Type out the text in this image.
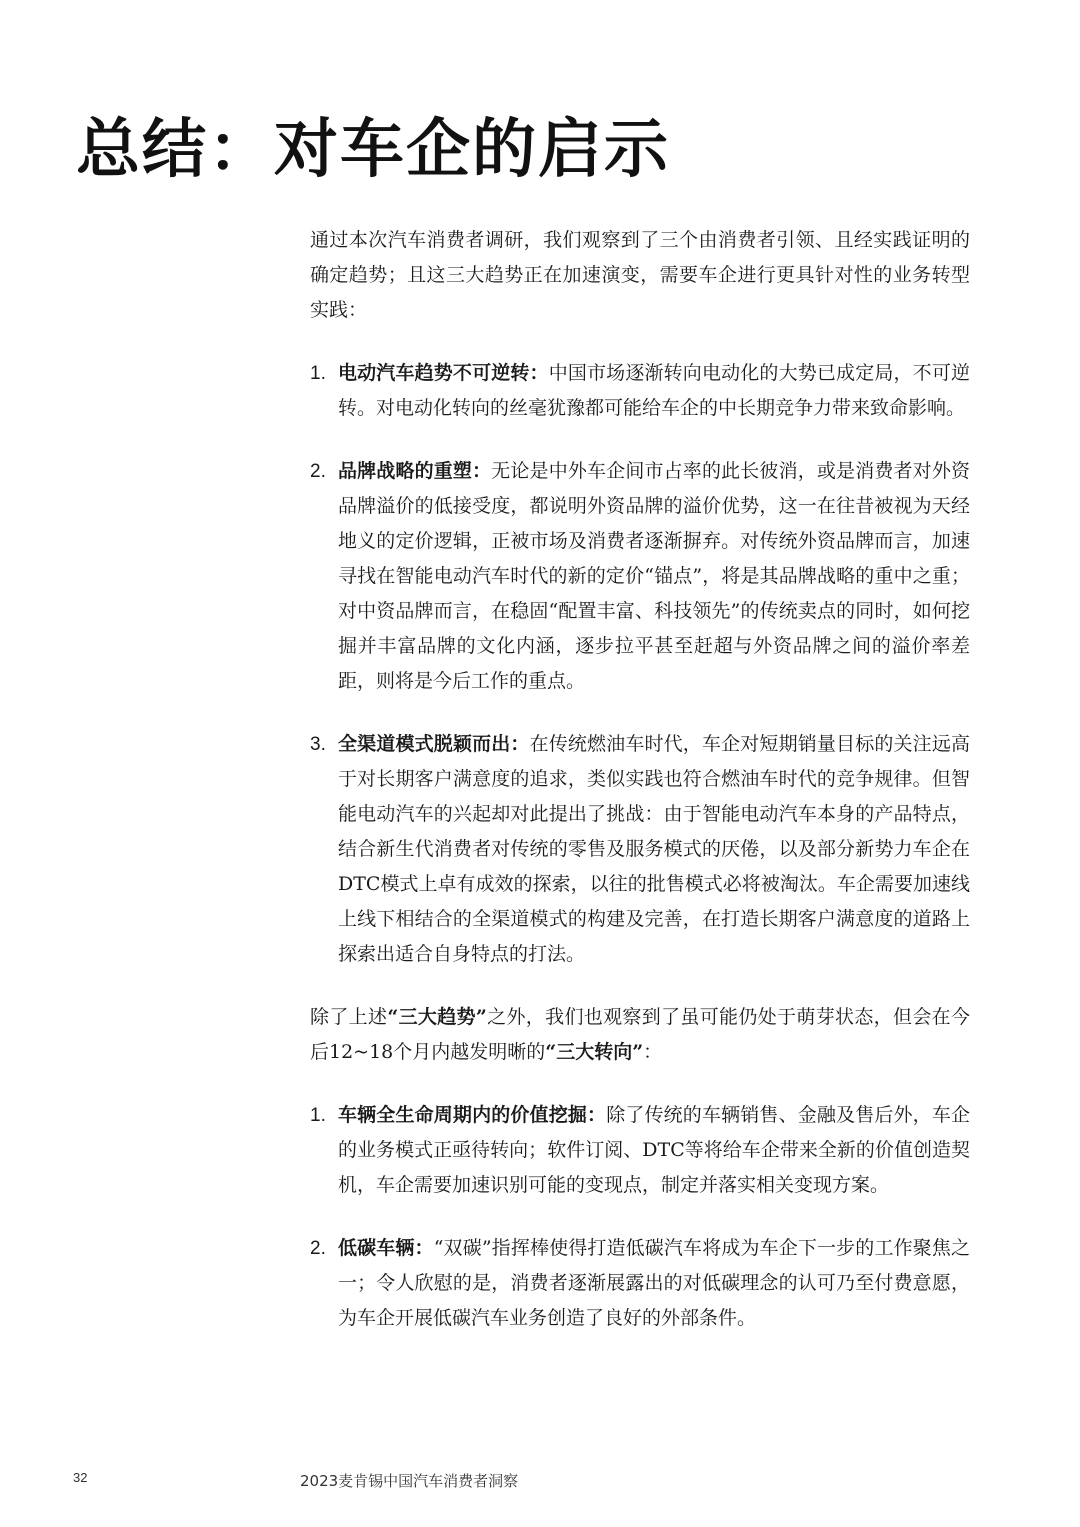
总结：对车企的启示

通过本次汽车消费者调研，我们观察到了三个由消费者引领、且经实践证明的确定趋势；且这三大趋势正在加速演变，需要车企进行更具针对性的业务转型实践：

1. 电动汽车趋势不可逆转：中国市场逐渐转向电动化的大势已成定局，不可逆转。对电动化转向的丝毫犹豫都可能给车企的中长期竞争力带来致命影响。
2. 品牌战略的重塑：无论是中外车企间市占率的此长彼消，或是消费者对外资品牌溢价的低接受度，都说明外资品牌的溢价优势，这一在往昔被视为天经地义的定价逻辑，正被市场及消费者逐渐摒弃。对传统外资品牌而言，加速寻找在智能电动汽车时代的新的定价“锚点”，将是其品牌战略的重中之重；对中资品牌而言，在稳固“配置丰富、科技领先”的传统卖点的同时，如何挖掘并丰富品牌的文化内涵，逐步拉平甚至赶超与外资品牌之间的溢价率差距，则将是今后工作的重点。
3. 全渠道模式脱颖而出：在传统燃油车时代，车企对短期销量目标的关注远高于对长期客户满意度的追求，类似实践也符合燃油车时代的竞争规律。但智能电动汽车的兴起却对此提出了挑战：由于智能电动汽车本身的产品特点，结合新生代消费者对传统的零售及服务模式的厌倦，以及部分新势力车企在DTC模式上卓有成效的探索，以往的批售模式必将被淘汰。车企需要加速线上线下相结合的全渠道模式的构建及完善，在打造长期客户满意度的道路上探索出适合自身特点的打法。

除了上述“三大趋势”之外，我们也观察到了虽可能仍处于萌芽状态，但会在今后12~18个月内越发明晰的“三大转向”：

1. 车辆全生命周期内的价值挖掘：除了传统的车辆销售、金融及售后外，车企的业务模式正亟待转向；软件订阅、DTC等将给车企带来全新的价值创造契机，车企需要加速识别可能的变现点，制定并落实相关变现方案。
2. 低碳车辆：“双碳”指挥棒使得打造低碳汽车将成为车企下一步的工作聚焦之一；令人欣慰的是，消费者逐渐展露出的对低碳理念的认可乃至付费意愿，为车企开展低碳汽车业务创造了良好的外部条件。
32	2023麦肯锡中国汽车消费者洞察
